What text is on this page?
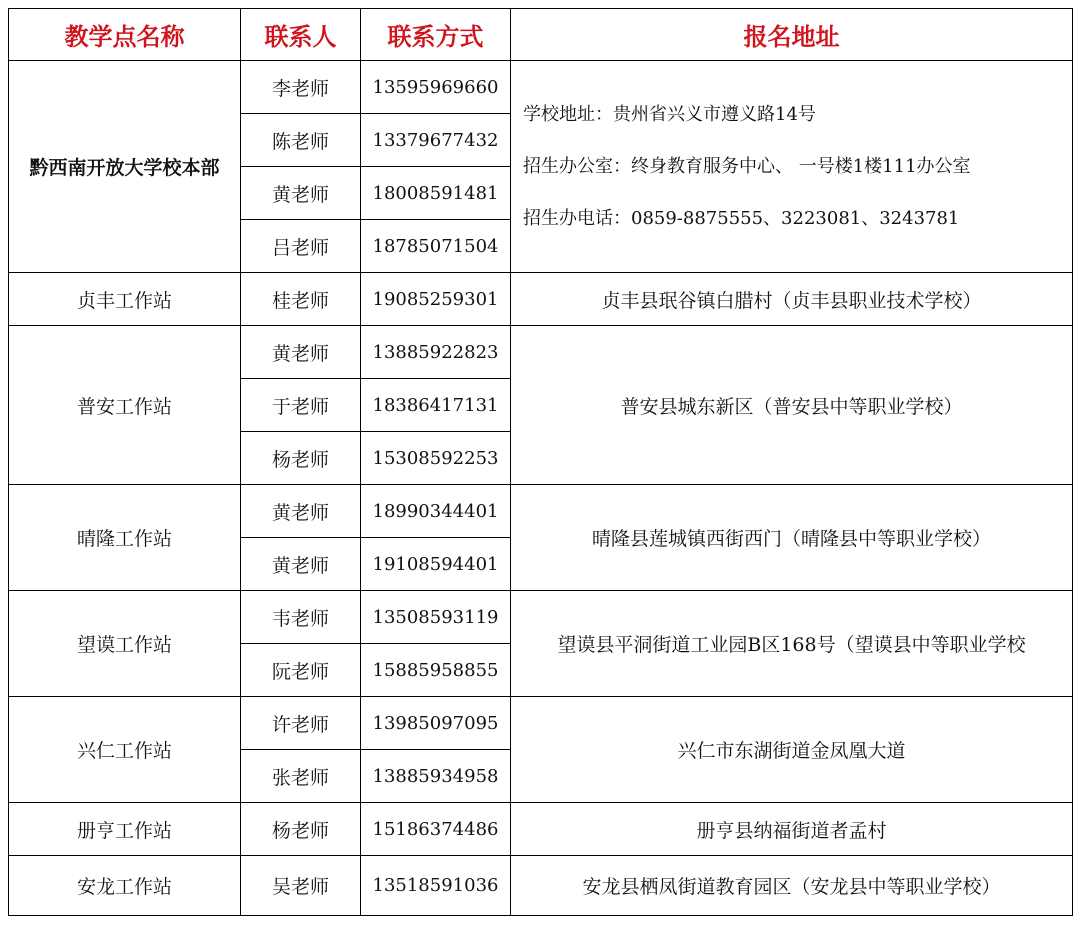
教学点名称	联系人	联系方式	报名地址
黔西南开放大学校本部	李老师	13595969660	学校地址：贵州省兴义市遵义路14号

招生办公室：终身教育服务中心、 一号楼1楼111办公室

招生办电话：0859-8875555、3223081、3243781

	陈老师	13379677432	
	黄老师	18008591481	
	吕老师	18785071504	
贞丰工作站	桂老师	19085259301	贞丰县珉谷镇白腊村（贞丰县职业技术学校）
普安工作站	黄老师	13885922823	普安县城东新区（普安县中等职业学校）
	于老师	18386417131	
	杨老师	15308592253	
晴隆工作站	黄老师	18990344401	晴隆县莲城镇西街西门（晴隆县中等职业学校）
	黄老师	19108594401	
望谟工作站	韦老师	13508593119	望谟县平洞街道工业园B区168号（望谟县中等职业学校
	阮老师	15885958855	
兴仁工作站	许老师	13985097095	兴仁市东湖街道金凤凰大道
	张老师	13885934958	
册亨工作站	杨老师	15186374486	册亨县纳福街道者孟村
安龙工作站	吴老师	13518591036	安龙县栖凤街道教育园区（安龙县中等职业学校）
